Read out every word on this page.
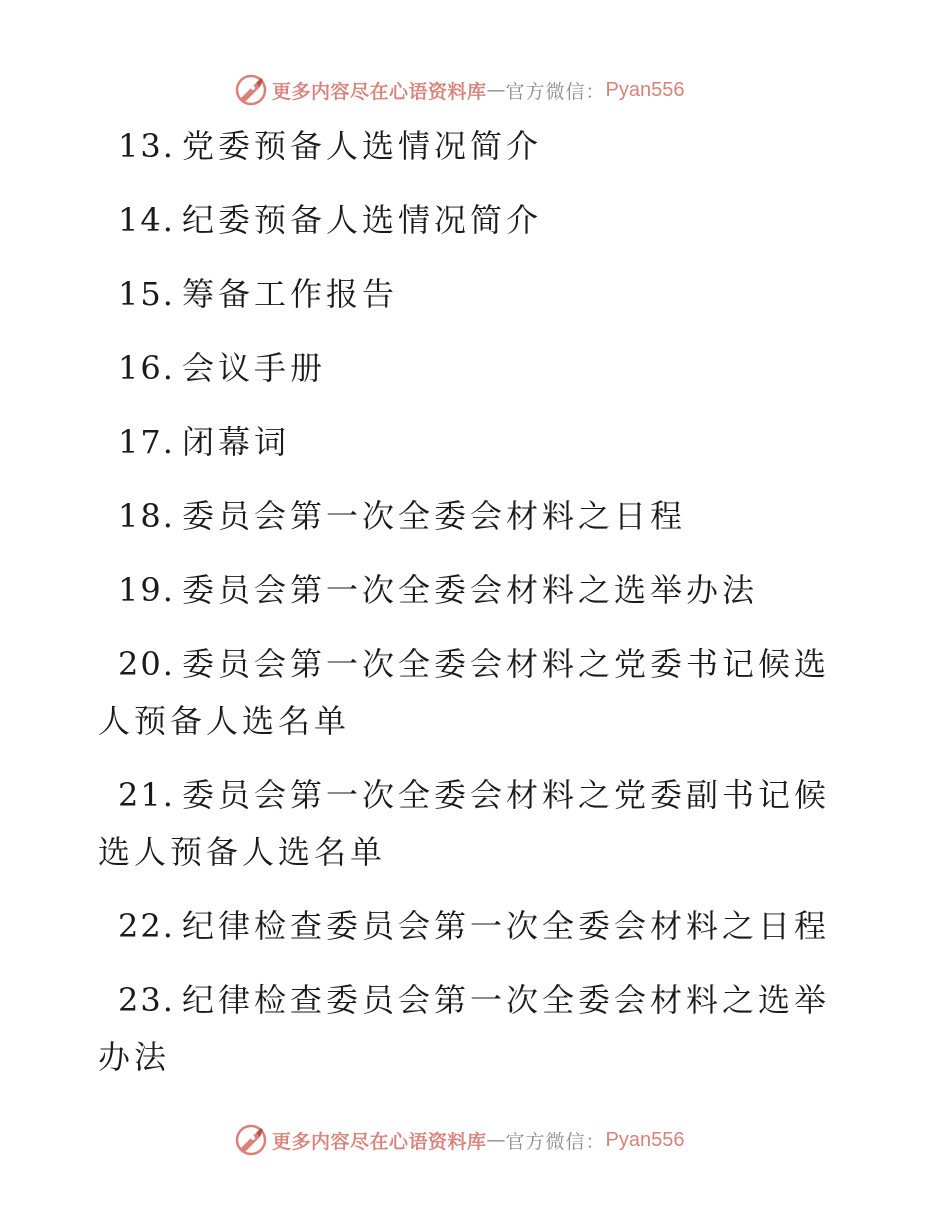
更多内容尽在心语资料库 — 官方微信： Pyan556
13. 党委预备人选情况简介
14. 纪委预备人选情况简介
15. 筹备工作报告
16. 会议手册
17. 闭幕词
18. 委员会第一次全委会材料之日程
19. 委员会第一次全委会材料之选举办法
20. 委员会第一次全委会材料之党委书记候选人预备人选名单
21. 委员会第一次全委会材料之党委副书记候选人预备人选名单
22. 纪律检查委员会第一次全委会材料之日程
23. 纪律检查委员会第一次全委会材料之选举办法
更多内容尽在心语资料库 — 官方微信： Pyan556
